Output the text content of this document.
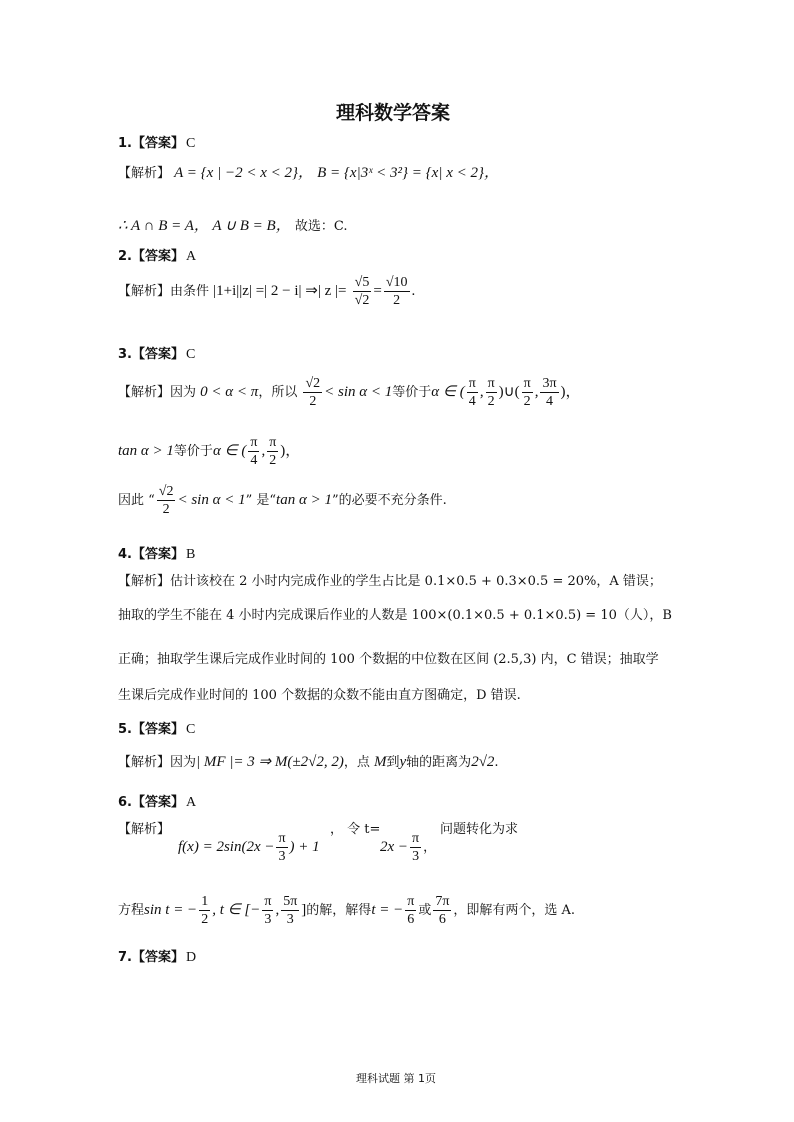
理科数学答案
1.【答案】 C
【解析】 A = {x | −2 < x < 2}， B = {x|3ˣ < 3²} = {x| x < 2}，
∴ A ∩ B = A， A ∪ B = B， 故选：C.
2.【答案】 A
【解析】由条件 |1+i||z| =| 2 − i| ⇒| z |= $\frac{√5}{√2} = \frac{√10}{2}$ .
3.【答案】 C
【解析】因为 0 < α < π，所以 $\frac{√2}{2} < \sin \alpha < 1$等价于α ∈ ( $\frac{\pi}{4}$ , $\frac{\pi}{2}$ )∪( $\frac{\pi}{2}$ , $\frac{3\pi}{4}$ )，
tan α > 1等价于α ∈ ( $\frac{\pi}{4}$ , $\frac{\pi}{2}$ )，
因此 “ $\frac{√2}{2} < \sin \alpha < 1$” 是“tan α > 1”的必要不充分条件.
4.【答案】 B
【解析】估计该校在 2 小时内完成作业的学生占比是 0.1×0.5 + 0.3×0.5 = 20%，A 错误；
抽取的学生不能在 4 小时内完成课后作业的人数是 100×(0.1×0.5 + 0.1×0.5) = 10（人），B
正确；抽取学生课后完成作业时间的 100 个数据的中位数在区间 (2.5,3) 内，C 错误；抽取学
生课后完成作业时间的 100 个数据的众数不能由直方图确定，D 错误.
5.【答案】 C
【解析】因为| MF |= 3 ⇒ M(±2√2, 2)，点 M到y轴的距离为2√2.
6.【答案】 A
【解析】
$f(x) = 2\sin(2x - \frac{\pi}{3}$ ) + 1
， 令 t=
$2x - \frac{\pi}{3}$ ，
问题转化为求
方程sin t = − $\frac{1}{2}$ , t ∈ [− $\frac{\pi}{3}$ , $\frac{5\pi}{3}$ ]的解，解得t = − $\frac{\pi}{6}$ 或 $\frac{7\pi}{6}$ ，即解有两个，选 A.
7.【答案】 D
理科试题 第 1页
